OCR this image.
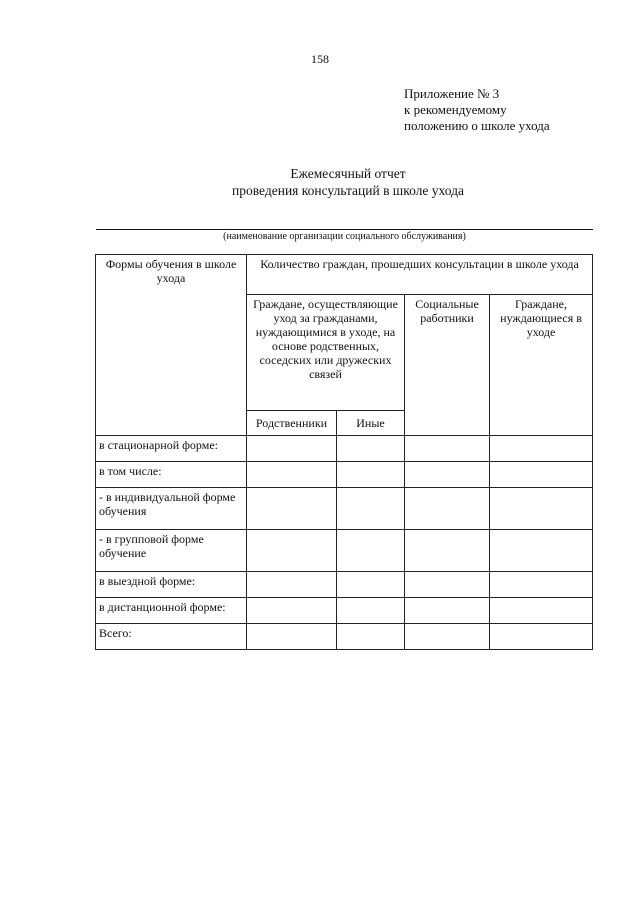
158
Приложение № 3
к рекомендуемому
положению о школе ухода
Ежемесячный отчет
проведения консультаций в школе ухода
(наименование организации социального обслуживания)
Формы обучения в школе ухода	Количество граждан, прошедших консультации в школе ухода			
	Граждане, осуществляющие уход за гражданами, нуждающимися в уходе, на основе родственных, соседских или дружеских связей		Социальные работники	Граждане, нуждающиеся в уходе
	Родственники	Иные		
в стационарной форме:				
в том числе:				
- в индивидуальной форме обучения				
- в групповой форме обучение				
в выездной форме:				
в дистанционной форме:				
Всего:				
